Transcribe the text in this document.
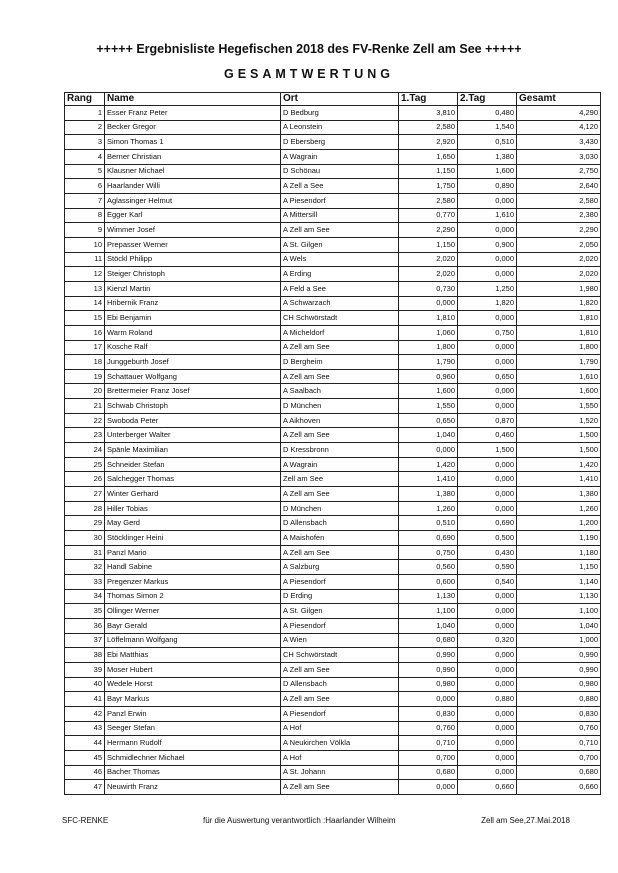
+++++ Ergebnisliste Hegefischen 2018 des FV-Renke Zell am See +++++
GESAMTWERTUNG
Rang	Name	Ort	1.Tag	2.Tag	Gesamt
1	Esser Franz Peter	D Bedburg	3,810	0,480	4,290
2	Becker Gregor	A Leonstein	2,580	1,540	4,120
3	Simon Thomas 1	D Ebersberg	2,920	0,510	3,430
4	Berner Christian	A Wagrain	1,650	1,380	3,030
5	Klausner Michael	D Schönau	1,150	1,600	2,750
6	Haarlander Willi	A Zell a See	1,750	0,890	2,640
7	Aglassinger Helmut	A Piesendorf	2,580	0,000	2,580
8	Egger Karl	A Mittersill	0,770	1,610	2,380
9	Wimmer Josef	A Zell am See	2,290	0,000	2,290
10	Prepasser Werner	A St. Gilgen	1,150	0,900	2,050
11	Stöckl Philipp	A Wels	2,020	0,000	2,020
12	Steiger Christoph	A Erding	2,020	0,000	2,020
13	Kienzl Martin	A Feld a See	0,730	1,250	1,980
14	Hribernik Franz	A Schwarzach	0,000	1,820	1,820
15	Ebi Benjamin	CH Schwörstadt	1,810	0,000	1,810
16	Warm Roland	A Micheldorf	1,060	0,750	1,810
17	Kosche Ralf	A Zell am See	1,800	0,000	1,800
18	Junggeburth Josef	D Bergheim	1,790	0,000	1,790
19	Schattauer Wolfgang	A Zell am See	0,960	0,650	1,610
20	Brettermeier Franz Josef	A Saalbach	1,600	0,000	1,600
21	Schwab Christoph	D München	1,550	0,000	1,550
22	Swoboda Peter	A Aikhoven	0,650	0,870	1,520
23	Unterberger Walter	A Zell am See	1,040	0,460	1,500
24	Spänle Maximilian	D Kressbronn	0,000	1,500	1,500
25	Schneider Stefan	A Wagrain	1,420	0,000	1,420
26	Salchegger Thomas	Zell am See	1,410	0,000	1,410
27	Winter Gerhard	A Zell am See	1,380	0,000	1,380
28	Hiller Tobias	D München	1,260	0,000	1,260
29	May Gerd	D Allensbach	0,510	0,690	1,200
30	Stöcklinger Heini	A Maishofen	0,690	0,500	1,190
31	Panzl Mario	A Zell am See	0,750	0,430	1,180
32	Handl Sabine	A Salzburg	0,560	0,590	1,150
33	Pregenzer Markus	A Piesendorf	0,600	0,540	1,140
34	Thomas Simon 2	D Erding	1,130	0,000	1,130
35	Ollinger Werner	A St. Gilgen	1,100	0,000	1,100
36	Bayr Gerald	A Piesendorf	1,040	0,000	1,040
37	Löffelmann Wolfgang	A Wien	0,680	0,320	1,000
38	Ebi Matthias	CH Schwörstadt	0,990	0,000	0,990
39	Moser Hubert	A Zell am See	0,990	0,000	0,990
40	Wedele Horst	D Allensbach	0,980	0,000	0,980
41	Bayr Markus	A Zell am See	0,000	0,880	0,880
42	Panzl Erwin	A Piesendorf	0,830	0,000	0,830
43	Seeger Stefan	A Hof	0,760	0,000	0,760
44	Hermann Rudolf	A Neukirchen Völkla	0,710	0,000	0,710
45	Schmidlechner Michael	A Hof	0,700	0,000	0,700
46	Bacher Thomas	A St. Johann	0,680	0,000	0,680
47	Neuwirth Franz	A Zell am See	0,000	0,660	0,660
SFC-RENKE	für die Auswertung verantwortlich :Haarlander Wilheim	Zell am See,27.Mai.2018
